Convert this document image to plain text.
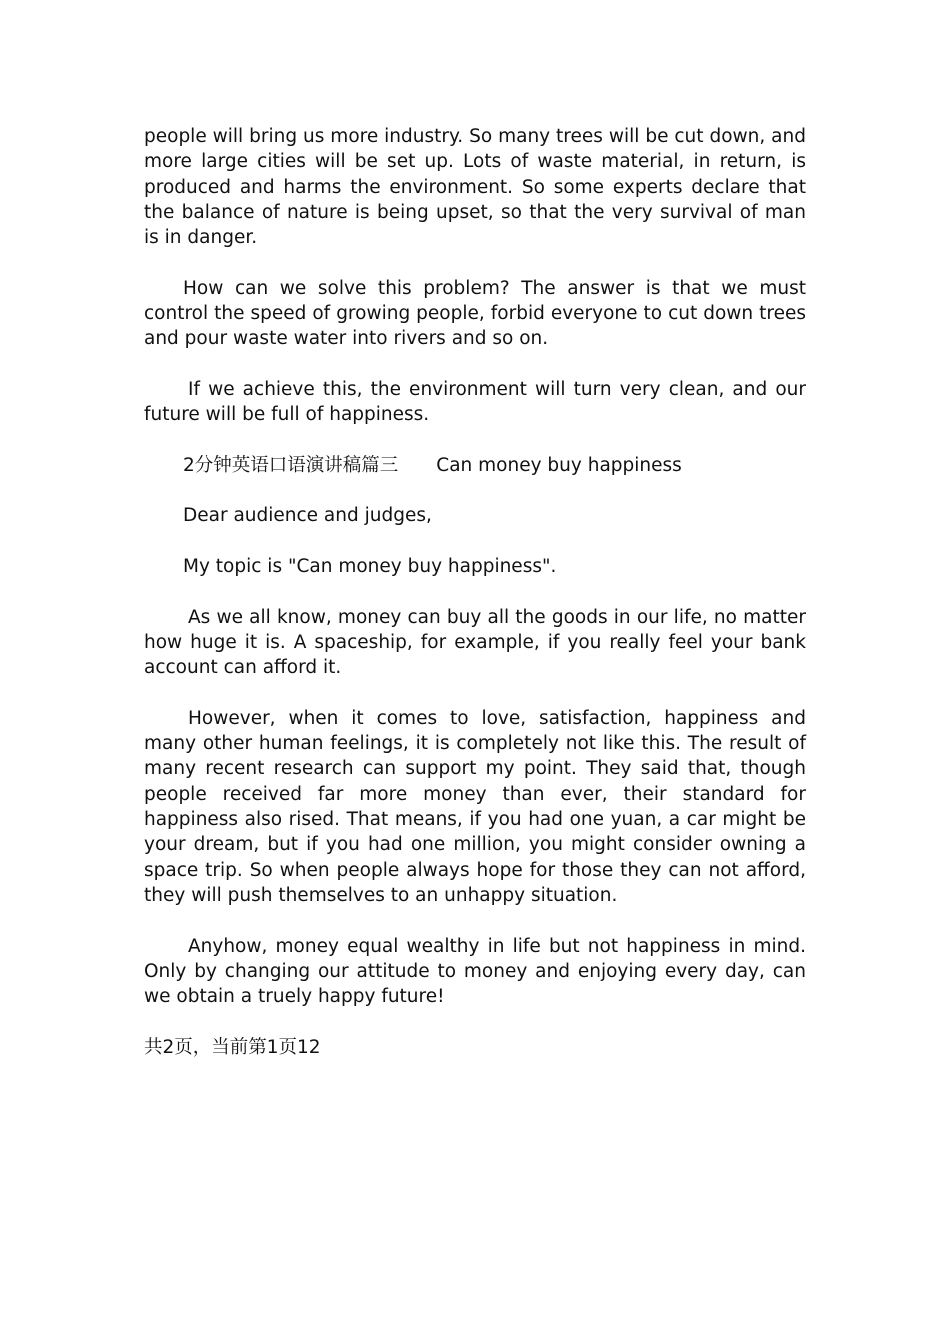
people will bring us more industry. So many trees will be cut down, and more large cities will be set up. Lots of waste material, in return, is produced and harms the environment. So some experts declare that the balance of nature is being upset, so that the very survival of man is in danger.

How can we solve this problem? The answer is that we must control the speed of growing people, forbid everyone to cut down trees and pour waste water into rivers and so on.

If we achieve this, the environment will turn very clean, and our future will be full of happiness.

2分钟英语口语演讲稿篇三 Can money buy happiness

Dear audience and judges,

My topic is "Can money buy happiness".

As we all know, money can buy all the goods in our life, no matter how huge it is. A spaceship, for example, if you really feel your bank account can afford it.

However, when it comes to love, satisfaction, happiness and many other human feelings, it is completely not like this. The result of many recent research can support my point. They said that, though people received far more money than ever, their standard for happiness also rised. That means, if you had one yuan, a car might be your dream, but if you had one million, you might consider owning a space trip. So when people always hope for those they can not afford, they will push themselves to an unhappy situation.

Anyhow, money equal wealthy in life but not happiness in mind. Only by changing our attitude to money and enjoying every day, can we obtain a truely happy future!

共2页，当前第1页12
